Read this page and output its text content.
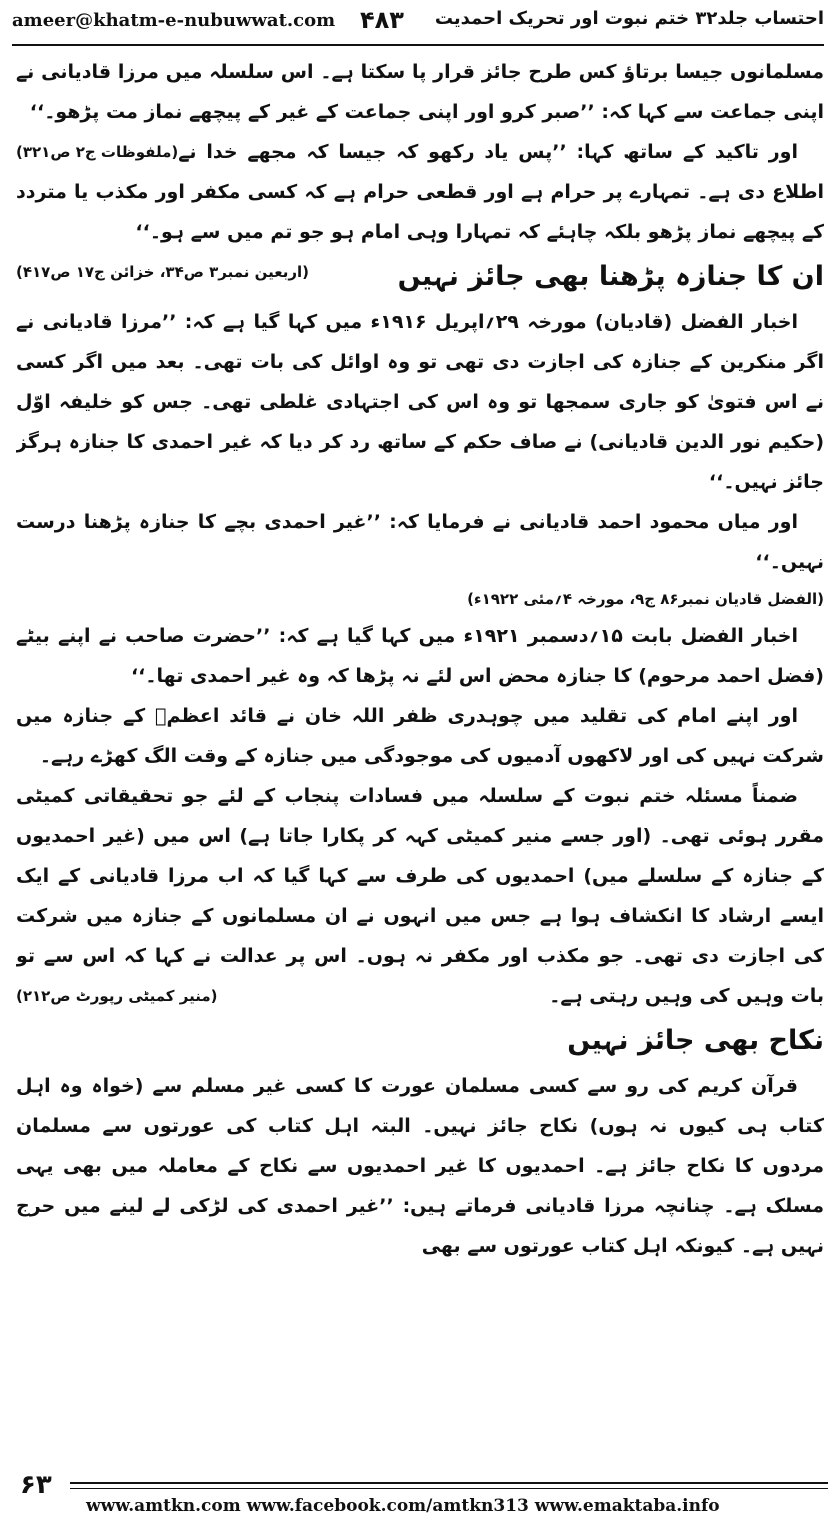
ameer@khatm-e-nubuwwat.com ۴۸۳ احتساب جلد۳۲ ختم نبوت اور تحریک احمدیت

مسلمانوں جیسا برتاؤ کس طرح جائز قرار پا سکتا ہے۔ اس سلسلہ میں مرزا قادیانی نے اپنی جماعت سے کہا کہ: ’’صبر کرو اور اپنی جماعت کے غیر کے پیچھے نماز مت پڑھو۔‘‘
(ملفوظات ج۲ ص۳۲۱) اور تاکید کے ساتھ کہا: ’’پس یاد رکھو کہ جیسا کہ مجھے خدا نے اطلاع دی ہے۔ تمہارے پر حرام ہے اور قطعی حرام ہے کہ کسی مکفر اور مکذب یا متردد کے پیچھے نماز پڑھو بلکہ چاہئے کہ تمہارا وہی امام ہو جو تم میں سے ہو۔‘‘
(اربعین نمبر۳ ص۳۴، خزائن ج۱۷ ص۴۱۷)	ان کا جنازہ پڑھنا بھی جائز نہیں

اخبار الفضل (قادیان) مورخہ ۲۹؍اپریل ۱۹۱۶ء میں کہا گیا ہے کہ: ’’مرزا قادیانی نے اگر منکرین کے جنازہ کی اجازت دی تھی تو وہ اوائل کی بات تھی۔ بعد میں اگر کسی نے اس فتویٰ کو جاری سمجھا تو وہ اس کی اجتہادی غلطی تھی۔ جس کو خلیفہ اوّل (حکیم نور الدین قادیانی) نے صاف حکم کے ساتھ رد کر دیا کہ غیر احمدی کا جنازہ ہرگز جائز نہیں۔‘‘

اور میاں محمود احمد قادیانی نے فرمایا کہ: ’’غیر احمدی بچے کا جنازہ پڑھنا درست نہیں۔‘‘

(الفضل قادیان نمبر۸۶ ج۹، مورخہ ۴؍مئی ۱۹۲۲ء)

اخبار الفضل بابت ۱۵؍دسمبر ۱۹۲۱ء میں کہا گیا ہے کہ: ’’حضرت صاحب نے اپنے بیٹے (فضل احمد مرحوم) کا جنازہ محض اس لئے نہ پڑھا کہ وہ غیر احمدی تھا۔‘‘

اور اپنے امام کی تقلید میں چوہدری ظفر اللہ خان نے قائد اعظمؒ کے جنازہ میں شرکت نہیں کی اور لاکھوں آدمیوں کی موجودگی میں جنازہ کے وقت الگ کھڑے رہے۔

ضمناً مسئلہ ختم نبوت کے سلسلہ میں فسادات پنجاب کے لئے جو تحقیقاتی کمیٹی مقرر ہوئی تھی۔ (اور جسے منیر کمیٹی کہہ کر پکارا جاتا ہے) اس میں (غیر احمدیوں کے جنازہ کے سلسلے میں) احمدیوں کی طرف سے کہا گیا کہ اب مرزا قادیانی کے ایک ایسے ارشاد کا انکشاف ہوا ہے جس میں انہوں نے ان مسلمانوں کے جنازہ میں شرکت کی اجازت دی تھی۔ جو مکذب اور مکفر نہ ہوں۔ اس پر عدالت نے کہا کہ اس سے تو بات وہیں کی وہیں رہتی ہے۔
(منیر کمیٹی رپورٹ ص۲۱۲)

نکاح بھی جائز نہیں

قرآن کریم کی رو سے کسی مسلمان عورت کا کسی غیر مسلم سے (خواہ وہ اہل کتاب ہی کیوں نہ ہوں) نکاح جائز نہیں۔ البتہ اہل کتاب کی عورتوں سے مسلمان مردوں کا نکاح جائز ہے۔ احمدیوں کا غیر احمدیوں سے نکاح کے معاملہ میں بھی یہی مسلک ہے۔ چنانچہ مرزا قادیانی فرماتے ہیں: ’’غیر احمدی کی لڑکی لے لینے میں حرج نہیں ہے۔ کیونکہ اہل کتاب عورتوں سے بھی

۶۳
www.amtkn.com www.facebook.com/amtkn313 www.emaktaba.info
